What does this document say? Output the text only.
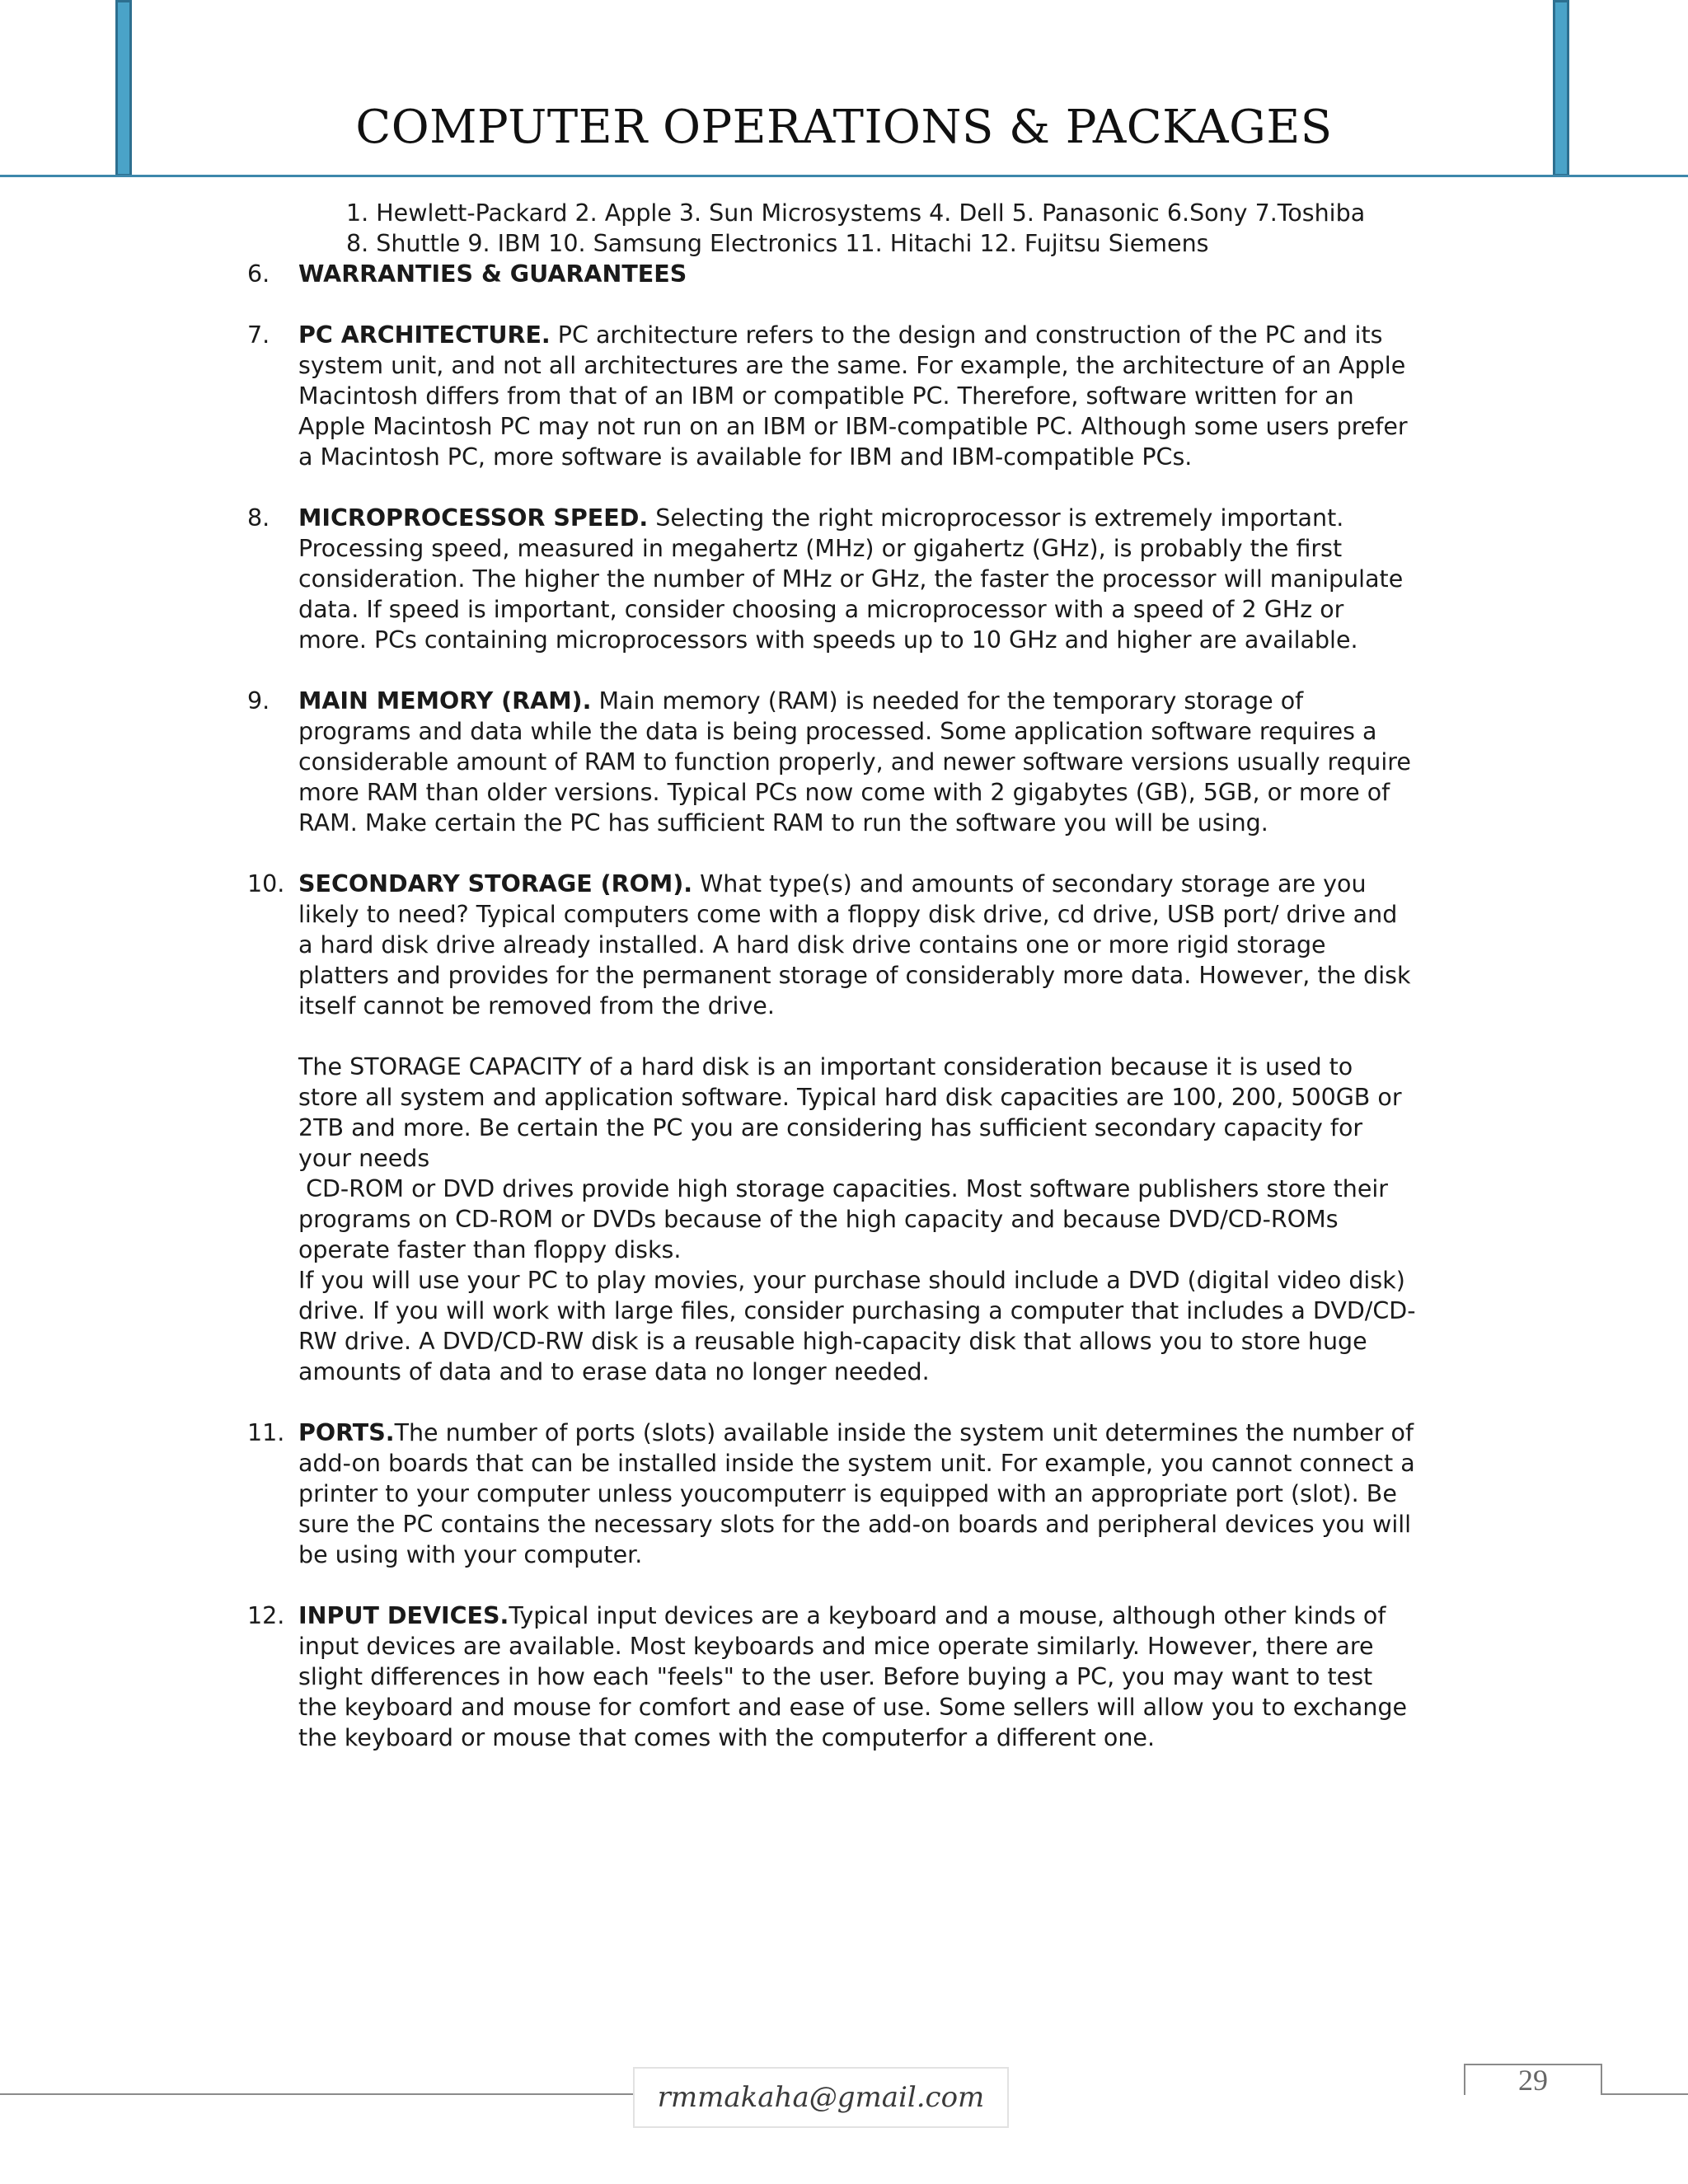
COMPUTER OPERATIONS & PACKAGES

1. Hewlett-Packard 2. Apple 3. Sun Microsystems 4. Dell 5. Panasonic 6.Sony 7.Toshiba

8. Shuttle 9. IBM 10. Samsung Electronics 11. Hitachi 12. Fujitsu Siemens

6.	WARRANTIES & GUARANTEES

7.	PC ARCHITECTURE. PC architecture refers to the design and construction of the PC and its system unit, and not all architectures are the same. For example, the architecture of an Apple Macintosh differs from that of an IBM or compatible PC. Therefore, software written for an Apple Macintosh PC may not run on an IBM or IBM-compatible PC. Although some users prefer a Macintosh PC, more software is available for IBM and IBM-compatible PCs.

8.	MICROPROCESSOR SPEED. Selecting the right microprocessor is extremely important. Processing speed, measured in megahertz (MHz) or gigahertz (GHz), is probably the first consideration. The higher the number of MHz or GHz, the faster the processor will manipulate data. If speed is important, consider choosing a microprocessor with a speed of 2 GHz or more. PCs containing microprocessors with speeds up to 10 GHz and higher are available.

9.	MAIN MEMORY (RAM). Main memory (RAM) is needed for the temporary storage of programs and data while the data is being processed. Some application software requires a considerable amount of RAM to function properly, and newer software versions usually require more RAM than older versions. Typical PCs now come with 2 gigabytes (GB), 5GB, or more of RAM. Make certain the PC has sufficient RAM to run the software you will be using.

10. SECONDARY STORAGE (ROM). What type(s) and amounts of secondary storage are you likely to need? Typical computers come with a floppy disk drive, cd drive, USB port/ drive and a hard disk drive already installed. A hard disk drive contains one or more rigid storage platters and provides for the permanent storage of considerably more data. However, the disk itself cannot be removed from the drive.

The STORAGE CAPACITY of a hard disk is an important consideration because it is used to store all system and application software. Typical hard disk capacities are 100, 200, 500GB or 2TB and more. Be certain the PC you are considering has sufficient secondary capacity for your needs

CD-ROM or DVD drives provide high storage capacities. Most software publishers store their programs on CD-ROM or DVDs because of the high capacity and because DVD/CD-ROMs operate faster than floppy disks.

If you will use your PC to play movies, your purchase should include a DVD (digital video disk) drive. If you will work with large files, consider purchasing a computer that includes a DVD/CD-RW drive. A DVD/CD-RW disk is a reusable high-capacity disk that allows you to store huge amounts of data and to erase data no longer needed.

11. PORTS.The number of ports (slots) available inside the system unit determines the number of add-on boards that can be installed inside the system unit. For example, you cannot connect a printer to your computer unless youcomputerr is equipped with an appropriate port (slot). Be sure the PC contains the necessary slots for the add-on boards and peripheral devices you will be using with your computer.

12. INPUT DEVICES.Typical input devices are a keyboard and a mouse, although other kinds of input devices are available. Most keyboards and mice operate similarly. However, there are slight differences in how each "feels" to the user. Before buying a PC, you may want to test the keyboard and mouse for comfort and ease of use. Some sellers will allow you to exchange the keyboard or mouse that comes with the computerfor a different one.

rmmakaha@gmail.com
29
